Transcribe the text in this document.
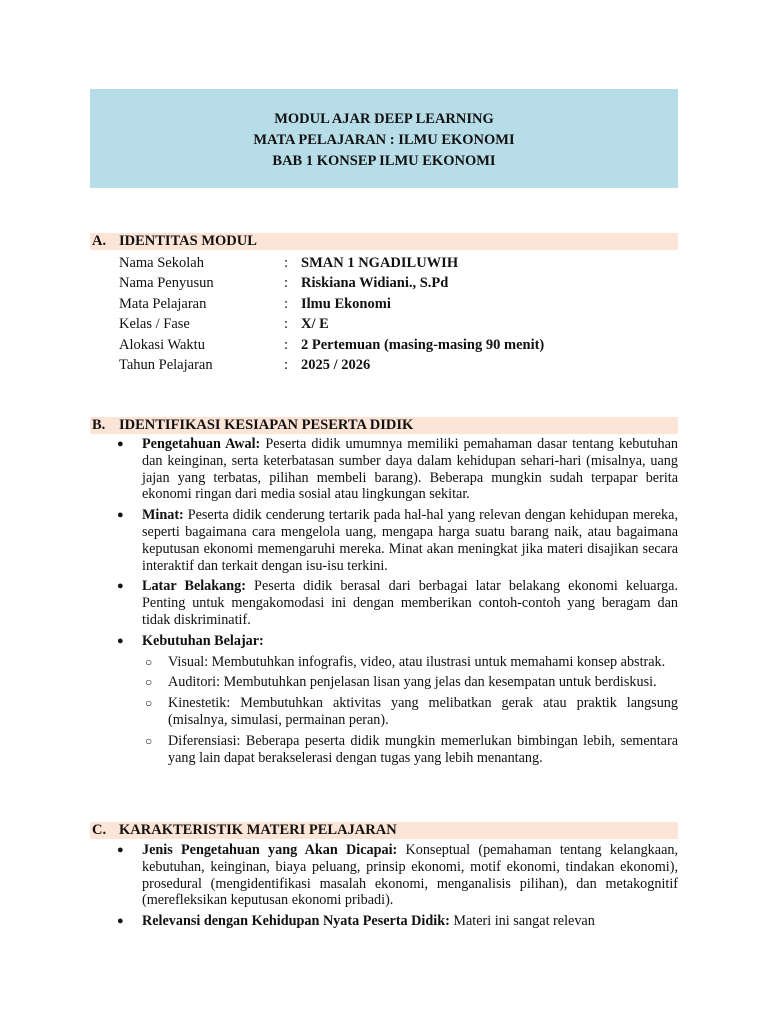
MODUL AJAR DEEP LEARNING
MATA PELAJARAN : ILMU EKONOMI
BAB 1 KONSEP ILMU EKONOMI
A. IDENTITAS MODUL
Nama Sekolah	: SMAN 1 NGADILUWIH
Nama Penyusun	: Riskiana Widiani., S.Pd
Mata Pelajaran	: Ilmu Ekonomi
Kelas / Fase	: X/ E
Alokasi Waktu	: 2 Pertemuan (masing-masing 90 menit)
Tahun Pelajaran	: 2025 / 2026
B. IDENTIFIKASI KESIAPAN PESERTA DIDIK
● Pengetahuan Awal: Peserta didik umumnya memiliki pemahaman dasar tentang kebutuhan dan keinginan, serta keterbatasan sumber daya dalam kehidupan sehari-hari (misalnya, uang jajan yang terbatas, pilihan membeli barang). Beberapa mungkin sudah terpapar berita ekonomi ringan dari media sosial atau lingkungan sekitar.
● Minat: Peserta didik cenderung tertarik pada hal-hal yang relevan dengan kehidupan mereka, seperti bagaimana cara mengelola uang, mengapa harga suatu barang naik, atau bagaimana keputusan ekonomi memengaruhi mereka. Minat akan meningkat jika materi disajikan secara interaktif dan terkait dengan isu-isu terkini.
● Latar Belakang: Peserta didik berasal dari berbagai latar belakang ekonomi keluarga. Penting untuk mengakomodasi ini dengan memberikan contoh-contoh yang beragam dan tidak diskriminatif.
● Kebutuhan Belajar:
○ Visual: Membutuhkan infografis, video, atau ilustrasi untuk memahami konsep abstrak.
○ Auditori: Membutuhkan penjelasan lisan yang jelas dan kesempatan untuk berdiskusi.
○ Kinestetik: Membutuhkan aktivitas yang melibatkan gerak atau praktik langsung (misalnya, simulasi, permainan peran).
○ Diferensiasi: Beberapa peserta didik mungkin memerlukan bimbingan lebih, sementara yang lain dapat berakselerasi dengan tugas yang lebih menantang.
C. KARAKTERISTIK MATERI PELAJARAN
● Jenis Pengetahuan yang Akan Dicapai: Konseptual (pemahaman tentang kelangkaan, kebutuhan, keinginan, biaya peluang, prinsip ekonomi, motif ekonomi, tindakan ekonomi), prosedural (mengidentifikasi masalah ekonomi, menganalisis pilihan), dan metakognitif (merefleksikan keputusan ekonomi pribadi).
● Relevansi dengan Kehidupan Nyata Peserta Didik: Materi ini sangat relevan
